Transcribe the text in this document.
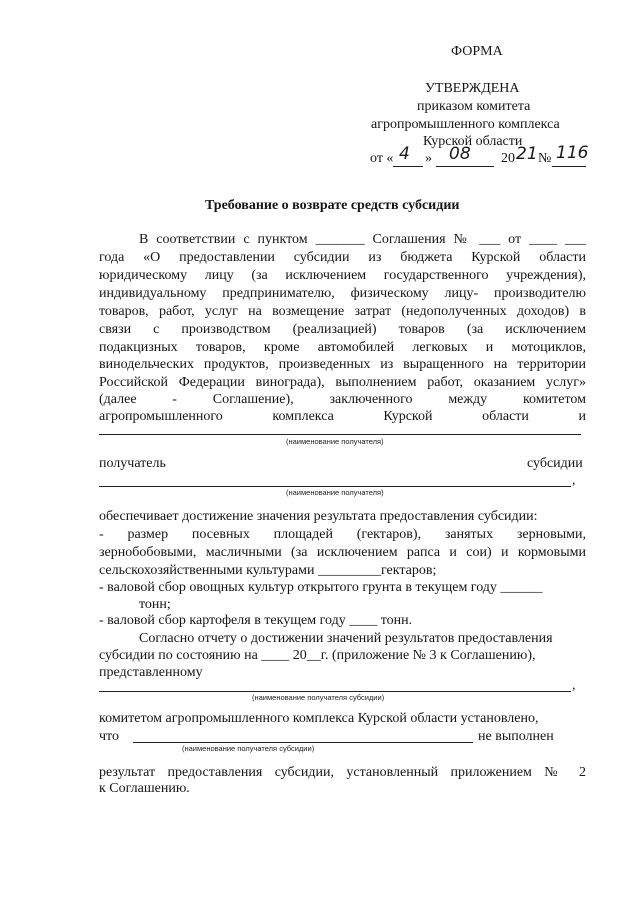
ФОРМА
УТВЕРЖДЕНА
приказом комитета
агропромышленного комплекса
Курской области
от « 4 » 08 20 21 № 116
Требование о возврате средств субсидии
В соответствии с пунктом _______ Соглашения № ___ от ____ ___
года «О предоставлении субсидии из бюджета Курской области
юридическому лицу (за исключением государственного учреждения),
индивидуальному предпринимателю, физическому лицу- производителю
товаров, работ, услуг на возмещение затрат (недополученных доходов) в
связи с производством (реализацией) товаров (за исключением
подакцизных товаров, кроме автомобилей легковых и мотоциклов,
винодельческих продуктов, произведенных из выращенного на территории
Российской Федерации винограда), выполнением работ, оказанием услуг»
(далее - Соглашение), заключенного между комитетом
агропромышленного комплекса Курской области и
(наименование получателя)
получатель	субсидии
,
(наименование получателя)
обеспечивает достижение значения результата предоставления субсидии:
- размер посевных площадей (гектаров), занятых зерновыми,
зернобобовыми, масличными (за исключением рапса и сои) и кормовыми
сельскохозяйственными культурами _________гектаров;
- валовой сбор овощных культур открытого грунта в текущем году ______
тонн;
- валовой сбор картофеля в текущем году ____ тонн.
Согласно отчету о достижении значений результатов предоставления
субсидии по состоянию на ____ 20__г. (приложение № 3 к Соглашению),
представленному
,
(наименование получателя субсидии)
комитетом агропромышленного комплекса Курской области установлено,
что	не выполнен
(наименование получателя субсидии)
результат предоставления субсидии, установленный приложением № 2
к Соглашению.
